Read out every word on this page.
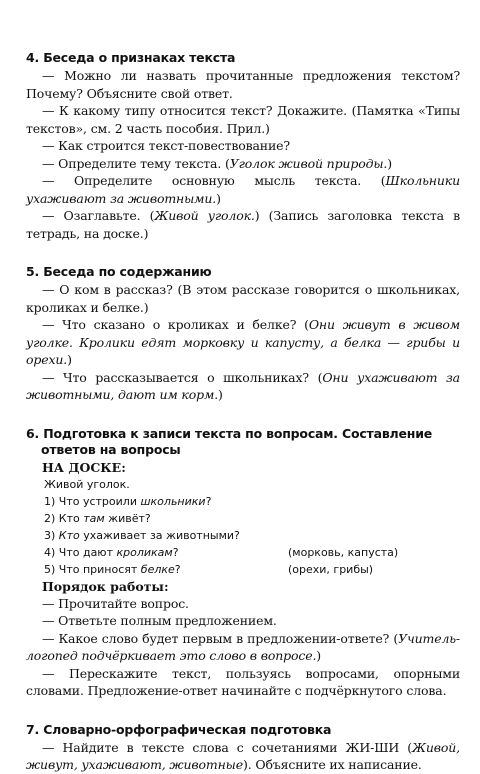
4. Беседа о признаках текста

— Можно ли назвать прочитанные предложения текстом? Почему? Объясните свой ответ.

— К какому типу относится текст? Докажите. (Памятка «Типы текстов», см. 2 часть пособия. Прил.)

— Как строится текст-повествование?

— Определите тему текста. (Уголок живой природы.)

— Определите основную мысль текста. (Школьники ухаживают за животными.)

— Озаглавьте. (Живой уголок.) (Запись заголовка текста в тетрадь, на доске.)

5. Беседа по содержанию

— О ком в рассказ? (В этом рассказе говорится о школьниках, кроликах и белке.)

— Что сказано о кроликах и белке? (Они живут в живом уголке. Кролики едят морковку и капусту, а белка — грибы и орехи.)

— Что рассказывается о школьниках? (Они ухаживают за животными, дают им корм.)

6. Подготовка к записи текста по вопросам. Составление ответов на вопросы
НА ДОСКЕ:
Живой уголок.
1) Что устроили школьники?
2) Кто там живёт?
3) Кто ухаживает за животными?
4) Что дают кроликам?	(морковь, капуста)
5) Что приносят белке?	(орехи, грибы)
Порядок работы:

— Прочитайте вопрос.

— Ответьте полным предложением.

— Какое слово будет первым в предложении-ответе? (Учитель-логопед подчёркивает это слово в вопросе.)

— Перескажите текст, пользуясь вопросами, опорными словами. Предложение-ответ начинайте с подчёркнутого слова.

7. Словарно-орфографическая подготовка

— Найдите в тексте слова с сочетаниями ЖИ-ШИ (Живой, живут, ухаживают, животные). Объясните их написание.
